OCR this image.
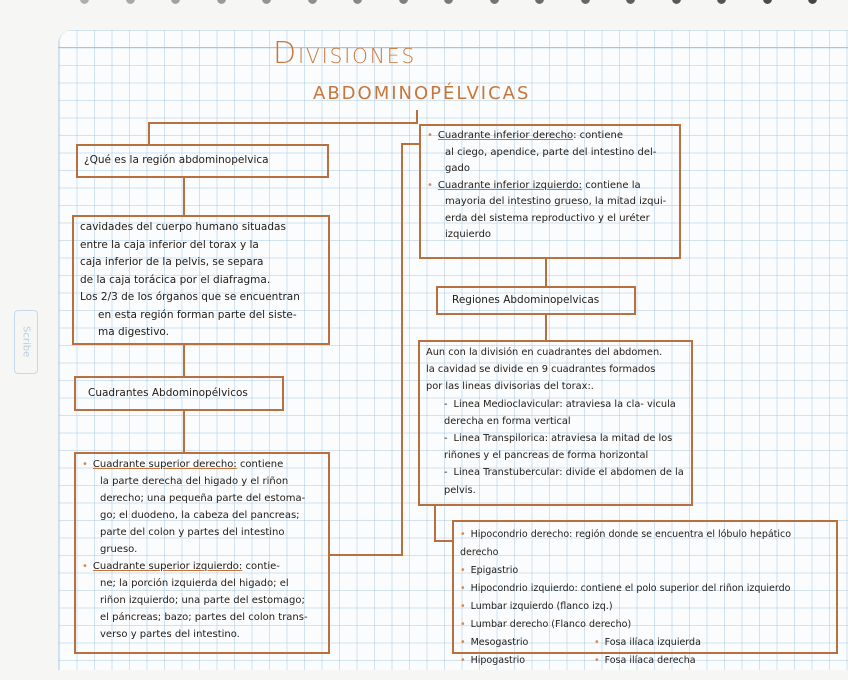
Scribe
DIVISIONES
ABDOMINOPÉLVICAS
¿Qué es la región abdominopelvica
cavidades del cuerpo humano situadas
entre la caja inferior del torax y la
caja inferior de la pelvis, se separa
de la caja torácica por el diafragma.
Los 2/3 de los órganos que se encuentran
en esta región forman parte del siste-
ma digestivo.
Cuadrantes Abdominopélvicos
• Cuadrante superior derecho: contiene
la parte derecha del higado y el riñon
derecho; una pequeña parte del estoma-
go; el duodeno, la cabeza del pancreas;
parte del colon y partes del intestino
grueso.
• Cuadrante superior izquierdo: contie-
ne; la porción izquierda del higado; el
riñon izquierdo; una parte del estomago;
el páncreas; bazo; partes del colon trans-
verso y partes del intestino.
• Cuadrante inferior derecho: contiene
al ciego, apendice, parte del intestino del-
gado
• Cuadrante inferior izquierdo: contiene la
mayoria del intestino grueso, la mitad izqui-
erda del sistema reproductivo y el uréter
izquierdo
Regiones Abdominopelvicas
Aun con la división en cuadrantes del abdomen.
la cavidad se divide en 9 cuadrantes formados
por las lineas divisorias del torax:.
- Linea Medioclavicular: atraviesa la cla- vicula derecha en forma vertical
- Linea Transpilorica: atraviesa la mitad de los riñones y el pancreas de forma horizontal
- Linea Transtubercular: divide el abdomen de la pelvis.
• Hipocondrio derecho: región donde se encuentra el lóbulo hepático derecho
• Epigastrio
• Hipocondrio izquierdo: contiene el polo superior del riñon izquierdo
• Lumbar izquierdo (flanco izq.)
• Lumbar derecho (Flanco derecho)
• Mesogastrio	• Fosa ilíaca izquierda
• Hipogastrio	• Fosa ilíaca derecha
